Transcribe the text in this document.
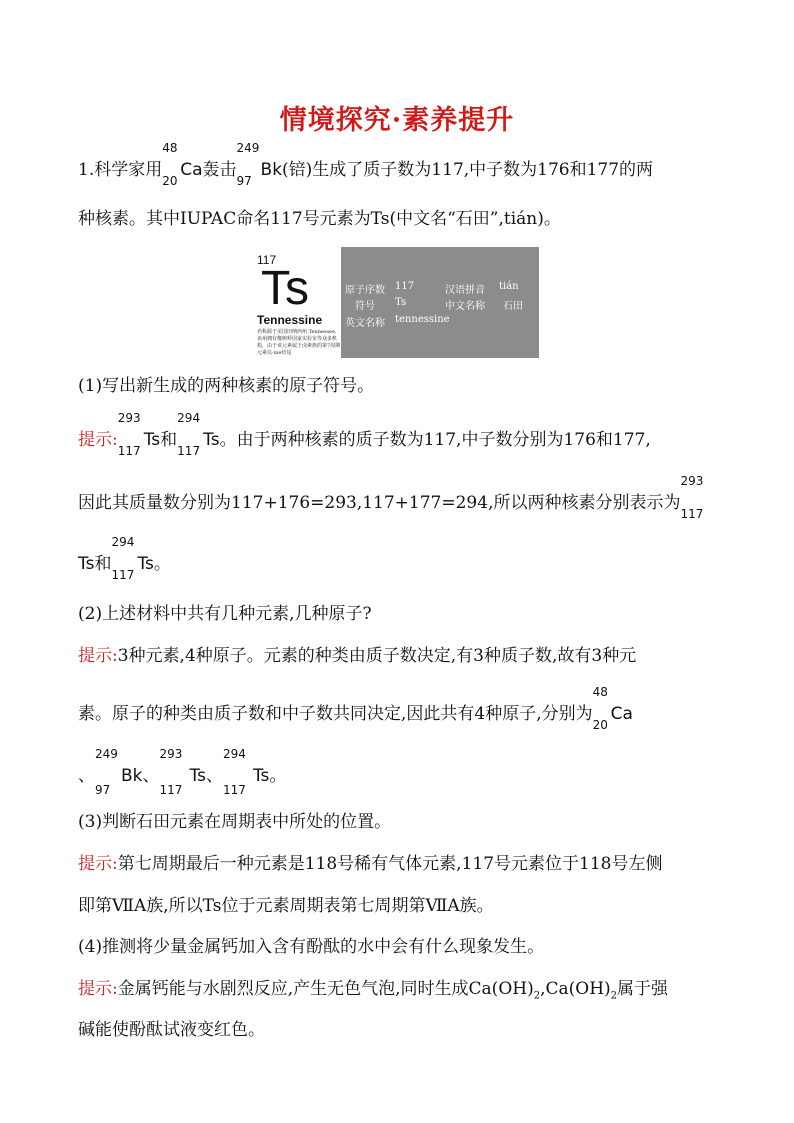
情境探究·素养提升
1.科学家用
48
20
Ca轰击
249
97
Bk(锫)生成了质子数为117,中子数为176和177的两
种核素。其中IUPAC命名117号元素为Ts(中文名“石田”,tián)。
117
Ts
Tennessine
名称源于美国田纳西州 Tennessee, 该州拥有橡树岭国家实验室等众多机构，由于该元素属于卤素族的第7周期元素以-ine结尾
原子序数 117	汉语拼音 tián
符号 Ts	中文名称 石田
英文名称 tennessine
(1)写出新生成的两种核素的原子符号。
提示:
293
117
Ts和
294
117
Ts。由于两种核素的质子数为117,中子数分别为176和177,
因此其质量数分别为117+176=293,117+177=294,所以两种核素分别表示为
293
117
Ts和
294
117
Ts。
(2)上述材料中共有几种元素,几种原子?
提示:3种元素,4种原子。元素的种类由质子数决定,有3种质子数,故有3种元
素。原子的种类由质子数和中子数共同决定,因此共有4种原子,分别为
48
20
Ca
、
249
97
Bk、
293
117
Ts、
294
117
Ts。
(3)判断石田元素在周期表中所处的位置。
提示:第七周期最后一种元素是118号稀有气体元素,117号元素位于118号左侧
即第ⅦA族,所以Ts位于元素周期表第七周期第ⅦA族。
(4)推测将少量金属钙加入含有酚酞的水中会有什么现象发生。
提示:金属钙能与水剧烈反应,产生无色气泡,同时生成$Ca(OH)_2,Ca(OH)_2$属于强
碱能使酚酞试液变红色。
